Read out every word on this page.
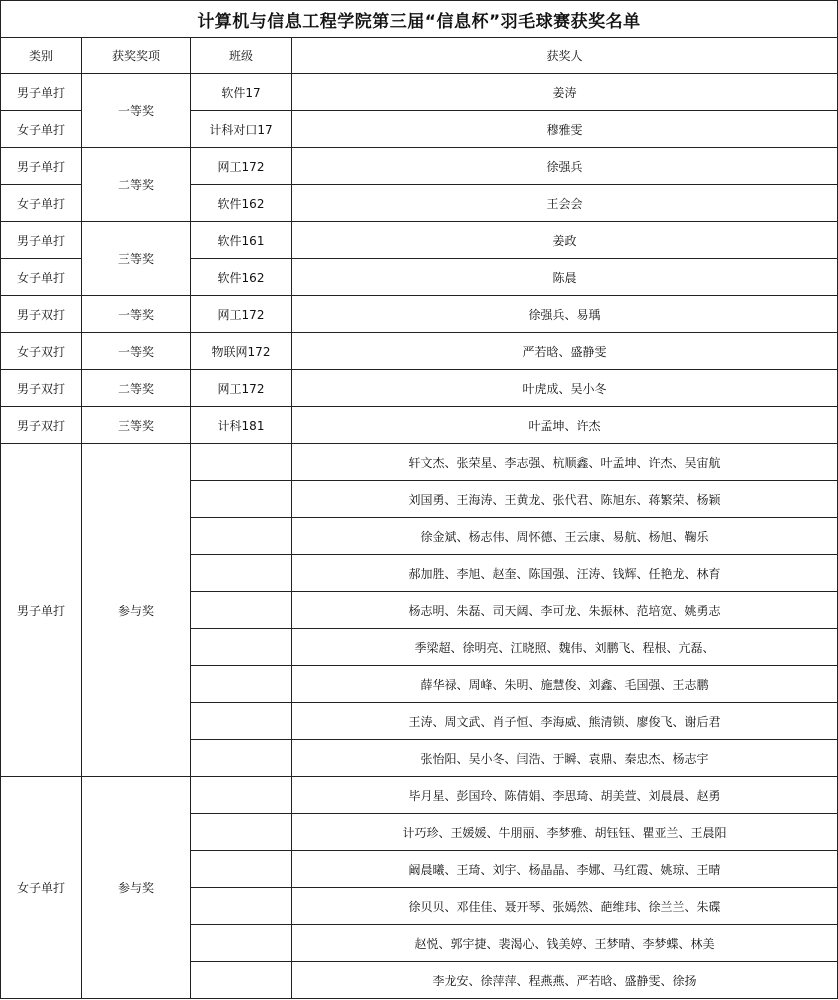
计算机与信息工程学院第三届“信息杯”羽毛球赛获奖名单
类别	获奖奖项	班级	获奖人
男子单打	一等奖	软件17	姜涛
女子单打		计科对口17	穆雅雯
男子单打	二等奖	网工172	徐强兵
女子单打		软件162	王会会
男子单打	三等奖	软件161	姜政
女子单打		软件162	陈晨
男子双打	一等奖	网工172	徐强兵、易瑀
女子双打	一等奖	物联网172	严若晗、盛静雯
男子双打	二等奖	网工172	叶虎成、吴小冬
男子双打	三等奖	计科181	叶孟坤、许杰
男子单打	参与奖		轩文杰、张荣星、李志强、杭顺鑫、叶孟坤、许杰、吴宙航
			刘国勇、王海涛、王黄龙、张代君、陈旭东、蒋繁荣、杨颖
			徐金斌、杨志伟、周怀德、王云康、易航、杨旭、鞠乐
			郝加胜、李旭、赵奎、陈国强、汪涛、钱辉、任艳龙、林育
			杨志明、朱磊、司天阔、李可龙、朱振林、范培宽、姚勇志
			季梁超、徐明亮、江晓照、魏伟、刘鹏飞、程根、亢磊、
			薛华禄、周峰、朱明、施慧俊、刘鑫、毛国强、王志鹏
			王涛、周文武、肖子恒、李海威、熊清锁、廖俊飞、谢后君
			张怡阳、吴小冬、闫浩、于瞬、袁鼎、秦忠杰、杨志宇
女子单打	参与奖		毕月星、彭国玲、陈倩娟、李思琦、胡美萱、刘晨晨、赵勇
			计巧珍、王媛媛、牛朋丽、李梦雅、胡钰钰、瞿亚兰、王晨阳
			阚晨曦、王琦、刘宇、杨晶晶、李娜、马红霞、姚琼、王晴
			徐贝贝、邓佳佳、聂开琴、张嫣然、葩维玮、徐兰兰、朱碟
			赵悦、郭宇捷、裴渴心、钱美婷、王梦晴、李梦蝶、林美
			李龙安、徐萍萍、程燕燕、严若晗、盛静雯、徐扬
